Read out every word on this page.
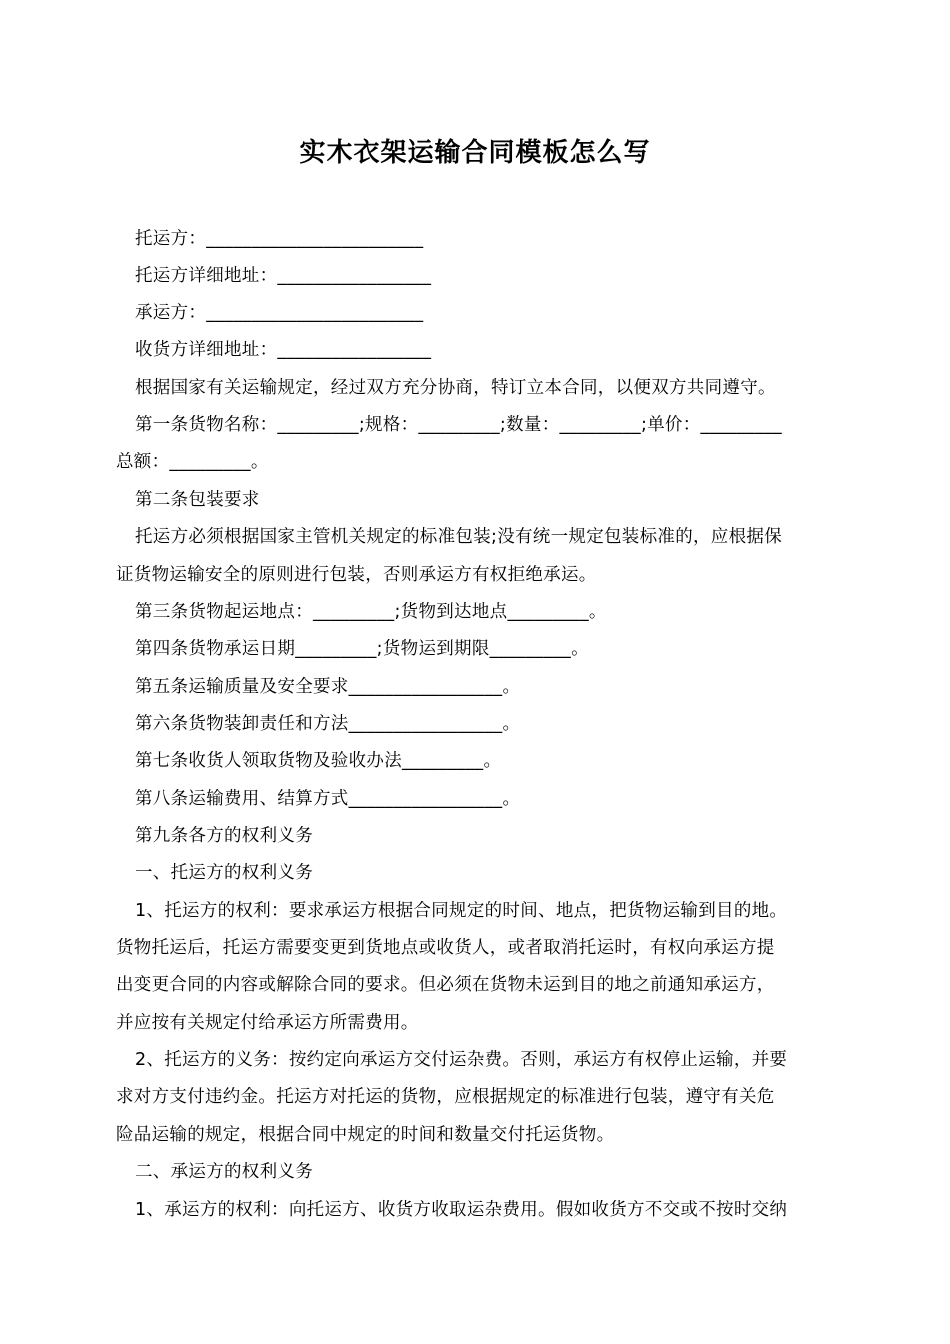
实木衣架运输合同模板怎么写
托运方：________________________
托运方详细地址：_________________
承运方：________________________
收货方详细地址：_________________
根据国家有关运输规定，经过双方充分协商，特订立本合同，以便双方共同遵守。
第一条货物名称：_________;规格：_________;数量：_________;单价：_________
总额：_________。
第二条包装要求
托运方必须根据国家主管机关规定的标准包装;没有统一规定包装标准的，应根据保
证货物运输安全的原则进行包装，否则承运方有权拒绝承运。
第三条货物起运地点：_________;货物到达地点_________。
第四条货物承运日期_________;货物运到期限_________。
第五条运输质量及安全要求_________________。
第六条货物装卸责任和方法_________________。
第七条收货人领取货物及验收办法_________。
第八条运输费用、结算方式_________________。
第九条各方的权利义务
一、托运方的权利义务
1、托运方的权利：要求承运方根据合同规定的时间、地点，把货物运输到目的地。
货物托运后，托运方需要变更到货地点或收货人，或者取消托运时，有权向承运方提
出变更合同的内容或解除合同的要求。但必须在货物未运到目的地之前通知承运方，
并应按有关规定付给承运方所需费用。
2、托运方的义务：按约定向承运方交付运杂费。否则，承运方有权停止运输，并要
求对方支付违约金。托运方对托运的货物，应根据规定的标准进行包装，遵守有关危
险品运输的规定，根据合同中规定的时间和数量交付托运货物。
二、承运方的权利义务
1、承运方的权利：向托运方、收货方收取运杂费用。假如收货方不交或不按时交纳
